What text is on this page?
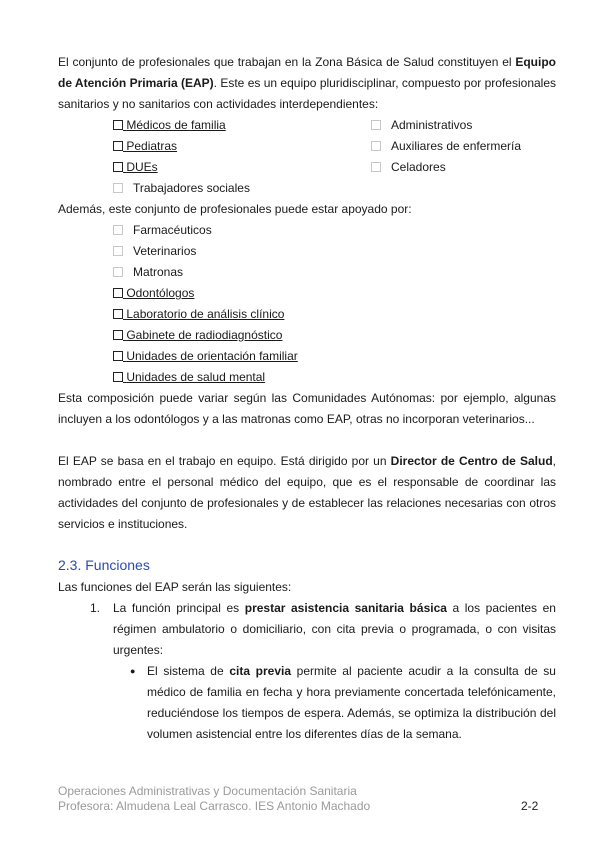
El conjunto de profesionales que trabajan en la Zona Básica de Salud constituyen el Equipo de Atención Primaria (EAP). Este es un equipo pluridisciplinar, compuesto por profesionales sanitarios y no sanitarios con actividades interdependientes:

Médicos de familia	Administrativos
Pediatras	Auxiliares de enfermería
DUEs	Celadores
Trabajadores sociales

Además, este conjunto de profesionales puede estar apoyado por:

Farmacéuticos
Veterinarios
Matronas
Odontólogos
Laboratorio de análisis clínico
Gabinete de radiodiagnóstico
Unidades de orientación familiar
Unidades de salud mental

Esta composición puede variar según las Comunidades Autónomas: por ejemplo, algunas incluyen a los odontólogos y a las matronas como EAP, otras no incorporan veterinarios...

El EAP se basa en el trabajo en equipo. Está dirigido por un Director de Centro de Salud, nombrado entre el personal médico del equipo, que es el responsable de coordinar las actividades del conjunto de profesionales y de establecer las relaciones necesarias con otros servicios e instituciones.

2.3. Funciones

Las funciones del EAP serán las siguientes:

1. La función principal es prestar asistencia sanitaria básica a los pacientes en régimen ambulatorio o domiciliario, con cita previa o programada, o con visitas urgentes:

● El sistema de cita previa permite al paciente acudir a la consulta de su médico de familia en fecha y hora previamente concertada telefónicamente, reduciéndose los tiempos de espera. Además, se optimiza la distribución del volumen asistencial entre los diferentes días de la semana.

Operaciones Administrativas y Documentación Sanitaria
Profesora: Almudena Leal Carrasco. IES Antonio Machado	2-2
